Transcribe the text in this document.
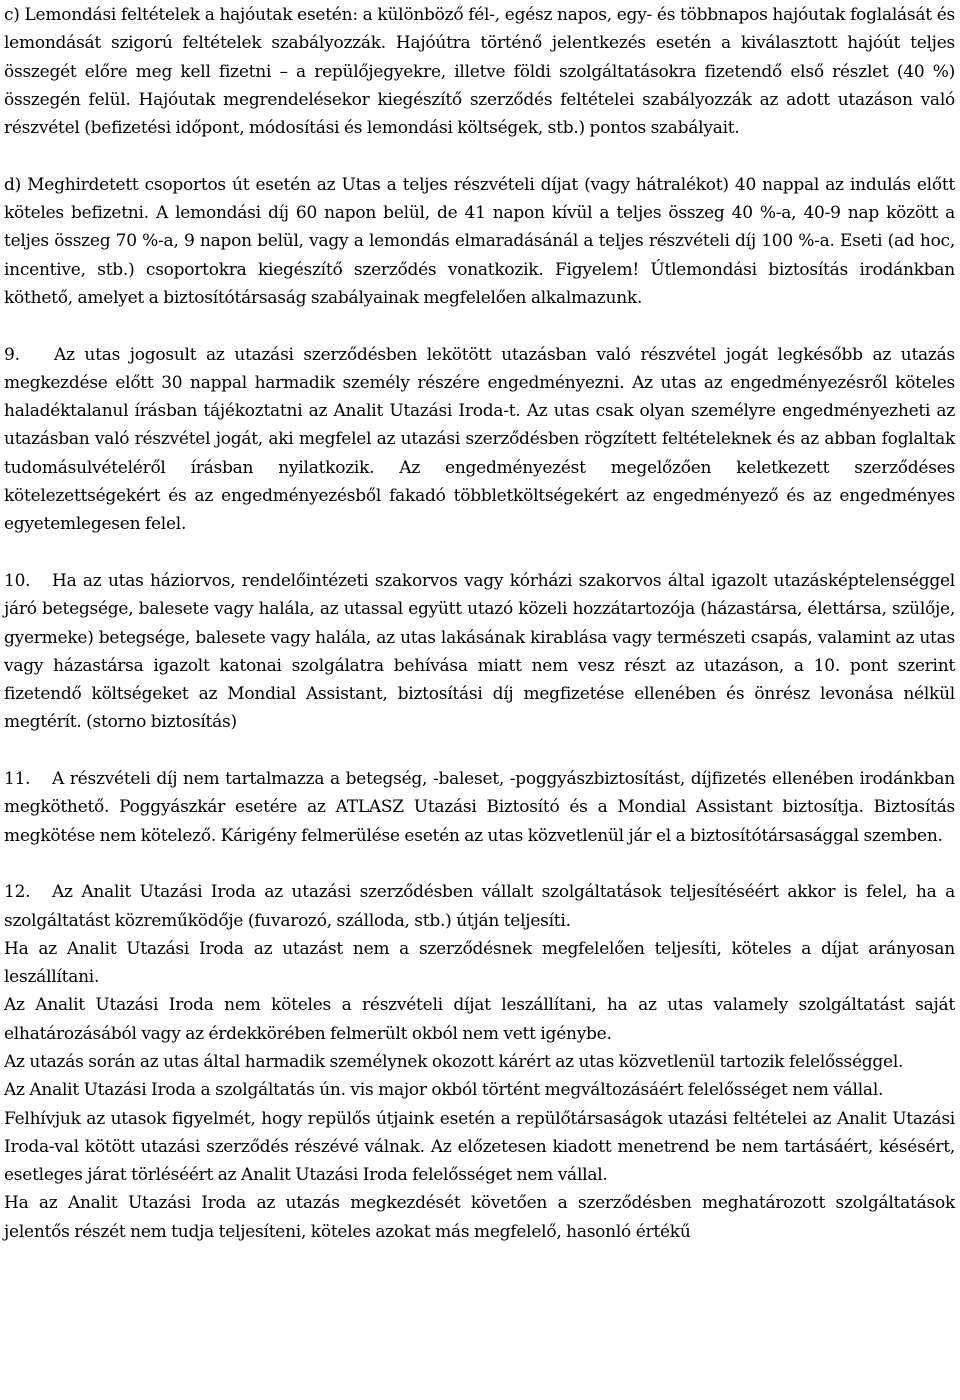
c) Lemondási feltételek a hajóutak esetén: a különböző fél-, egész napos, egy- és többnapos hajóutak foglalását és lemondását szigorú feltételek szabályozzák. Hajóútra történő jelentkezés esetén a kiválasztott hajóút teljes összegét előre meg kell fizetni – a repülőjegyekre, illetve földi szolgáltatásokra fizetendő első részlet (40 %) összegén felül. Hajóutak megrendelésekor kiegészítő szerződés feltételei szabályozzák az adott utazáson való részvétel (befizetési időpont, módosítási és lemondási költségek, stb.) pontos szabályait.

d) Meghirdetett csoportos út esetén az Utas a teljes részvételi díjat (vagy hátralékot) 40 nappal az indulás előtt köteles befizetni. A lemondási díj 60 napon belül, de 41 napon kívül a teljes összeg 40 %-a, 40-9 nap között a teljes összeg 70 %-a, 9 napon belül, vagy a lemondás elmaradásánál a teljes részvételi díj 100 %-a. Eseti (ad hoc, incentive, stb.) csoportokra kiegészítő szerződés vonatkozik. Figyelem! Útlemondási biztosítás irodánkban köthető, amelyet a biztosítótársaság szabályainak megfelelően alkalmazunk.

9. Az utas jogosult az utazási szerződésben lekötött utazásban való részvétel jogát legkésőbb az utazás megkezdése előtt 30 nappal harmadik személy részére engedményezni. Az utas az engedményezésről köteles haladéktalanul írásban tájékoztatni az Analit Utazási Iroda-t. Az utas csak olyan személyre engedményezheti az utazásban való részvétel jogát, aki megfelel az utazási szerződésben rögzített feltételeknek és az abban foglaltak tudomásulvételéről írásban nyilatkozik. Az engedményezést megelőzően keletkezett szerződéses kötelezettségekért és az engedményezésből fakadó többletköltségekért az engedményező és az engedményes egyetemlegesen felel.

10. Ha az utas háziorvos, rendelőintézeti szakorvos vagy kórházi szakorvos által igazolt utazásképtelenséggel járó betegsége, balesete vagy halála, az utassal együtt utazó közeli hozzátartozója (házastársa, élettársa, szülője, gyermeke) betegsége, balesete vagy halála, az utas lakásának kirablása vagy természeti csapás, valamint az utas vagy házastársa igazolt katonai szolgálatra behívása miatt nem vesz részt az utazáson, a 10. pont szerint fizetendő költségeket az Mondial Assistant, biztosítási díj megfizetése ellenében és önrész levonása nélkül megtérít. (storno biztosítás)

11. A részvételi díj nem tartalmazza a betegség, -baleset, -poggyászbiztosítást, díjfizetés ellenében irodánkban megköthető. Poggyászkár esetére az ATLASZ Utazási Biztosító és a Mondial Assistant biztosítja. Biztosítás megkötése nem kötelező. Kárigény felmerülése esetén az utas közvetlenül jár el a biztosítótársasággal szemben.

12. Az Analit Utazási Iroda az utazási szerződésben vállalt szolgáltatások teljesítéséért akkor is felel, ha a szolgáltatást közreműködője (fuvarozó, szálloda, stb.) útján teljesíti.

Ha az Analit Utazási Iroda az utazást nem a szerződésnek megfelelően teljesíti, köteles a díjat arányosan leszállítani.

Az Analit Utazási Iroda nem köteles a részvételi díjat leszállítani, ha az utas valamely szolgáltatást saját elhatározásából vagy az érdekkörében felmerült okból nem vett igénybe.

Az utazás során az utas által harmadik személynek okozott kárért az utas közvetlenül tartozik felelősséggel.

Az Analit Utazási Iroda a szolgáltatás ún. vis major okból történt megváltozásáért felelősséget nem vállal.

Felhívjuk az utasok figyelmét, hogy repülős útjaink esetén a repülőtársaságok utazási feltételei az Analit Utazási Iroda-val kötött utazási szerződés részévé válnak. Az előzetesen kiadott menetrend be nem tartásáért, késésért, esetleges járat törléséért az Analit Utazási Iroda felelősséget nem vállal.

Ha az Analit Utazási Iroda az utazás megkezdését követően a szerződésben meghatározott szolgáltatások jelentős részét nem tudja teljesíteni, köteles azokat más megfelelő, hasonló értékű
